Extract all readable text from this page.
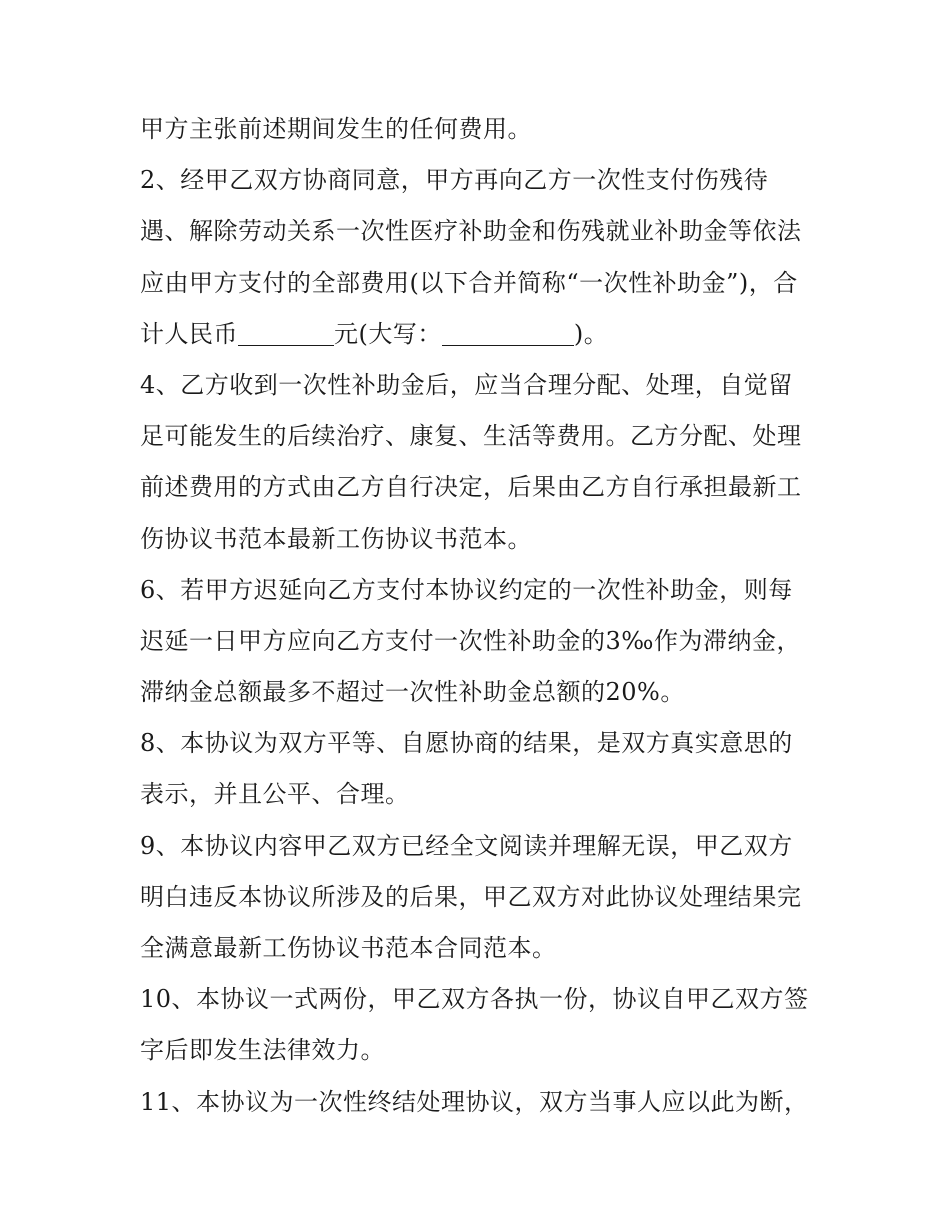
甲方主张前述期间发生的任何费用。
2、经甲乙双方协商同意，甲方再向乙方一次性支付伤残待
遇、解除劳动关系一次性医疗补助金和伤残就业补助金等依法
应由甲方支付的全部费用(以下合并简称“一次性补助金”)，合
计人民币	元(大写：	)。
4、乙方收到一次性补助金后，应当合理分配、处理，自觉留
足可能发生的后续治疗、康复、生活等费用。乙方分配、处理
前述费用的方式由乙方自行决定，后果由乙方自行承担最新工
伤协议书范本最新工伤协议书范本。
6、若甲方迟延向乙方支付本协议约定的一次性补助金，则每
迟延一日甲方应向乙方支付一次性补助金的3‰作为滞纳金，
滞纳金总额最多不超过一次性补助金总额的20%。
8、本协议为双方平等、自愿协商的结果，是双方真实意思的
表示，并且公平、合理。
9、本协议内容甲乙双方已经全文阅读并理解无误，甲乙双方
明白违反本协议所涉及的后果，甲乙双方对此协议处理结果完
全满意最新工伤协议书范本合同范本。
10、本协议一式两份，甲乙双方各执一份，协议自甲乙双方签
字后即发生法律效力。
11、本协议为一次性终结处理协议，双方当事人应以此为断，
